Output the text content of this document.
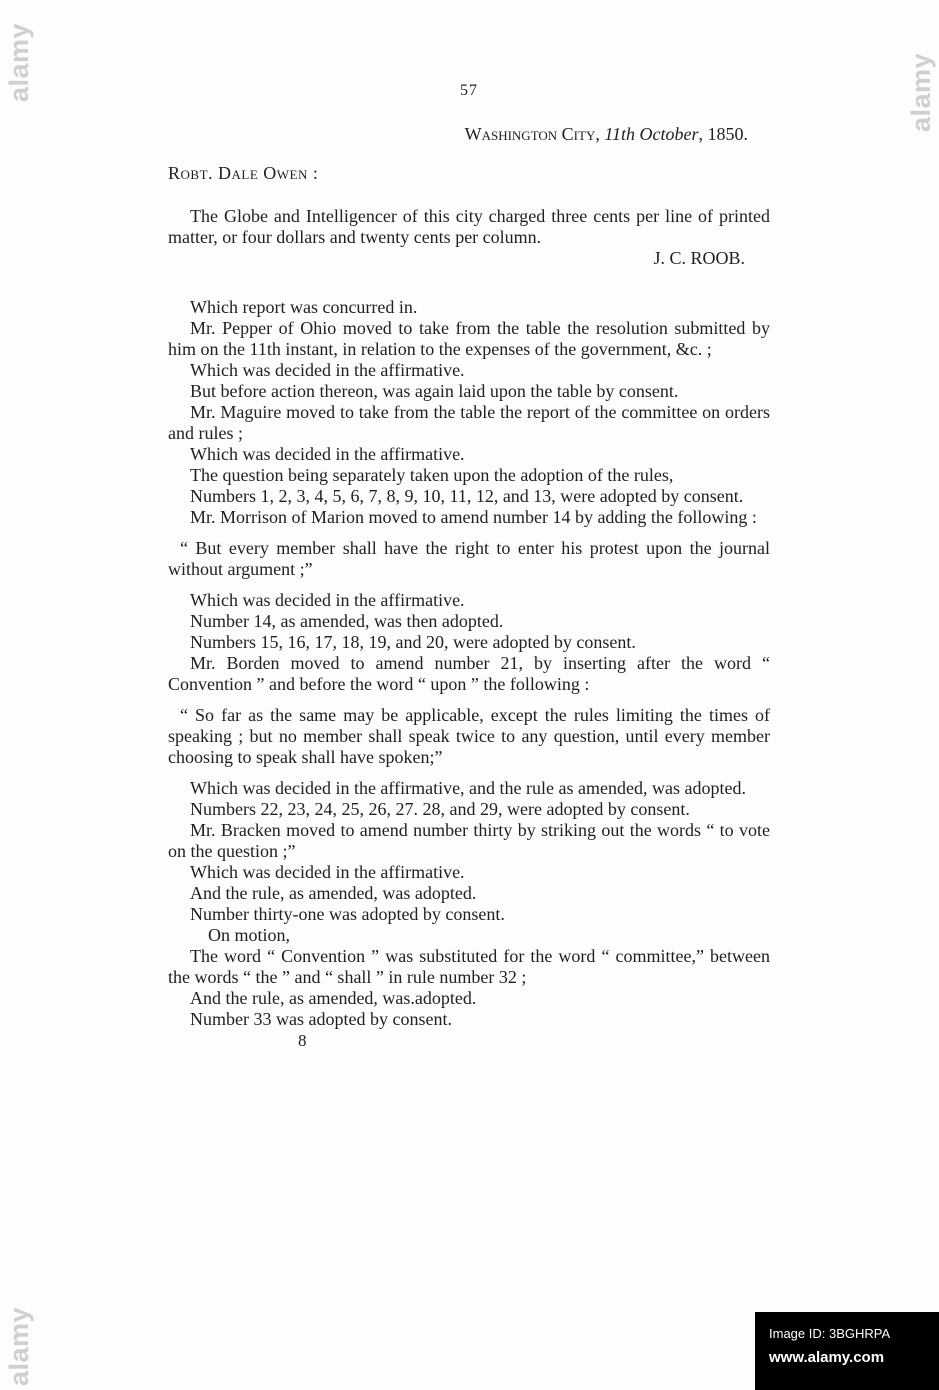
alamy
alamy
alamy

57

Washington City, 11th October, 1850.
Robt. Dale Owen :

The Globe and Intelligencer of this city charged three cents per line of printed matter, or four dollars and twenty cents per column.

J. C. ROOB.

Which report was concurred in.

Mr. Pepper of Ohio moved to take from the table the resolution submitted by him on the 11th instant, in relation to the expenses of the government, &c. ;

Which was decided in the affirmative.

But before action thereon, was again laid upon the table by consent.

Mr. Maguire moved to take from the table the report of the committee on orders and rules ;

Which was decided in the affirmative.

The question being separately taken upon the adoption of the rules,

Numbers 1, 2, 3, 4, 5, 6, 7, 8, 9, 10, 11, 12, and 13, were adopted by consent.

Mr. Morrison of Marion moved to amend number 14 by adding the following :

“ But every member shall have the right to enter his protest upon the journal without argument ;”

Which was decided in the affirmative.

Number 14, as amended, was then adopted.

Numbers 15, 16, 17, 18, 19, and 20, were adopted by consent.

Mr. Borden moved to amend number 21, by inserting after the word “ Convention ” and before the word “ upon ” the following :

“ So far as the same may be applicable, except the rules limiting the times of speaking ; but no member shall speak twice to any question, until every member choosing to speak shall have spoken;”

Which was decided in the affirmative, and the rule as amended, was adopted.

Numbers 22, 23, 24, 25, 26, 27. 28, and 29, were adopted by consent.

Mr. Bracken moved to amend number thirty by striking out the words “ to vote on the question ;”

Which was decided in the affirmative.

And the rule, as amended, was adopted.

Number thirty-one was adopted by consent.

On motion,

The word “ Convention ” was substituted for the word “ committee,” between the words “ the ” and “ shall ” in rule number 32 ;

And the rule, as amended, was.adopted.

Number 33 was adopted by consent.

8
Image ID: 3BGHRPA
www.alamy.com
